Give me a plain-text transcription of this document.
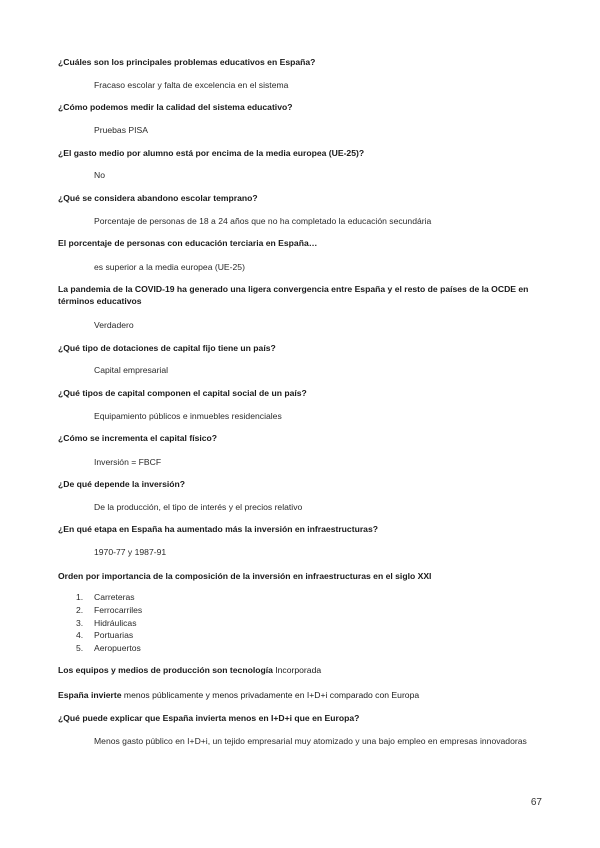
¿Cuáles son los principales problemas educativos en España?
Fracaso escolar y falta de excelencia en el sistema
¿Cómo podemos medir la calidad del sistema educativo?
Pruebas PISA
¿El gasto medio por alumno está por encima de la media europea (UE-25)?
No
¿Qué se considera abandono escolar temprano?
Porcentaje de personas de 18 a 24 años que no ha completado la educación secundária
El porcentaje de personas con educación terciaria en España…
es superior a la media europea (UE-25)
La pandemia de la COVID-19 ha generado una ligera convergencia entre España y el resto de países de la OCDE en términos educativos
Verdadero
¿Qué tipo de dotaciones de capital fijo tiene un país?
Capital empresarial
¿Qué tipos de capital componen el capital social de un país?
Equipamiento públicos e inmuebles residenciales
¿Cómo se incrementa el capital físico?
Inversión = FBCF
¿De qué depende la inversión?
De la producción, el tipo de interés y el precios relativo
¿En qué etapa en España ha aumentado más la inversión en infraestructuras?
1970-77 y 1987-91
Orden por importancia de la composición de la inversión en infraestructuras en el siglo XXI
1.	Carreteras
2.	Ferrocarriles
3.	Hidráulicas
4.	Portuarias
5.	Aeropuertos
Los equipos y medios de producción son tecnología Incorporada
España invierte menos públicamente y menos privadamente en I+D+i comparado con Europa
¿Qué puede explicar que España invierta menos en I+D+i que en Europa?
Menos gasto público en I+D+i, un tejido empresarial muy atomizado y una bajo empleo en empresas innovadoras
67
